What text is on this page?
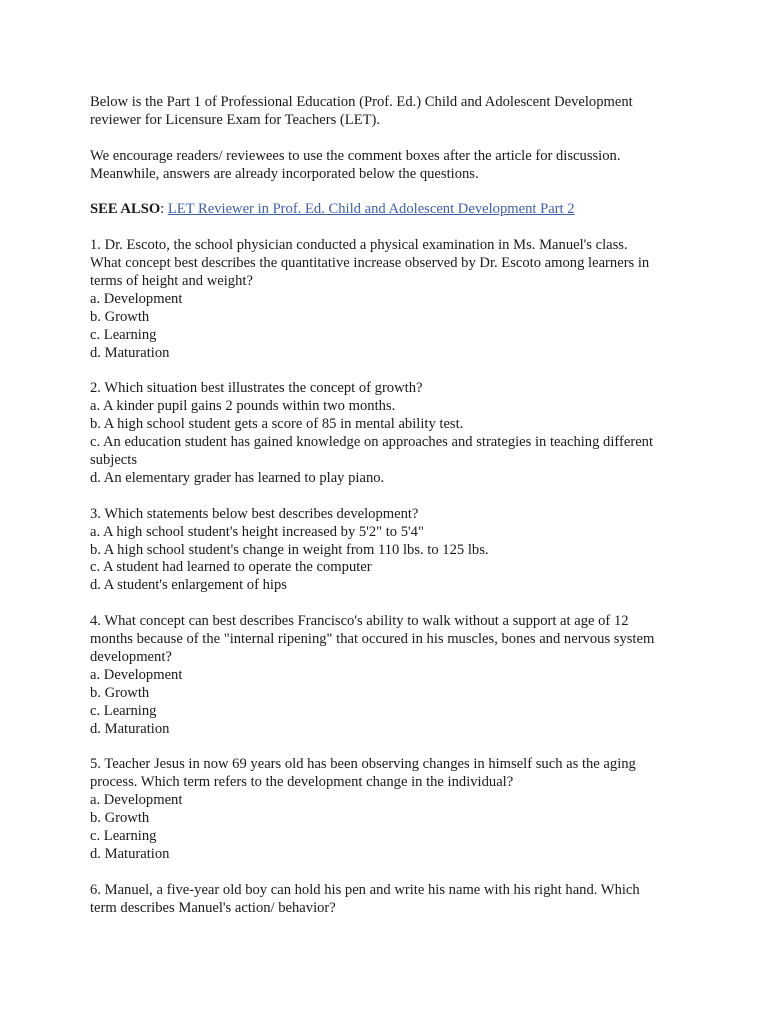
Below is the Part 1 of Professional Education (Prof. Ed.) Child and Adolescent Development
reviewer for Licensure Exam for Teachers (LET).

We encourage readers/ reviewees to use the comment boxes after the article for discussion.
Meanwhile, answers are already incorporated below the questions.

SEE ALSO: LET Reviewer in Prof. Ed. Child and Adolescent Development Part 2

1. Dr. Escoto, the school physician conducted a physical examination in Ms. Manuel's class.
What concept best describes the quantitative increase observed by Dr. Escoto among learners in
terms of height and weight?
a. Development
b. Growth
c. Learning
d. Maturation
2. Which situation best illustrates the concept of growth?
a. A kinder pupil gains 2 pounds within two months.
b. A high school student gets a score of 85 in mental ability test.
c. An education student has gained knowledge on approaches and strategies in teaching different
subjects
d. An elementary grader has learned to play piano.
3. Which statements below best describes development?
a. A high school student's height increased by 5'2" to 5'4"
b. A high school student's change in weight from 110 lbs. to 125 lbs.
c. A student had learned to operate the computer
d. A student's enlargement of hips
4. What concept can best describes Francisco's ability to walk without a support at age of 12
months because of the "internal ripening" that occured in his muscles, bones and nervous system
development?
a. Development
b. Growth
c. Learning
d. Maturation
5. Teacher Jesus in now 69 years old has been observing changes in himself such as the aging
process. Which term refers to the development change in the individual?
a. Development
b. Growth
c. Learning
d. Maturation
6. Manuel, a five-year old boy can hold his pen and write his name with his right hand. Which
term describes Manuel's action/ behavior?
